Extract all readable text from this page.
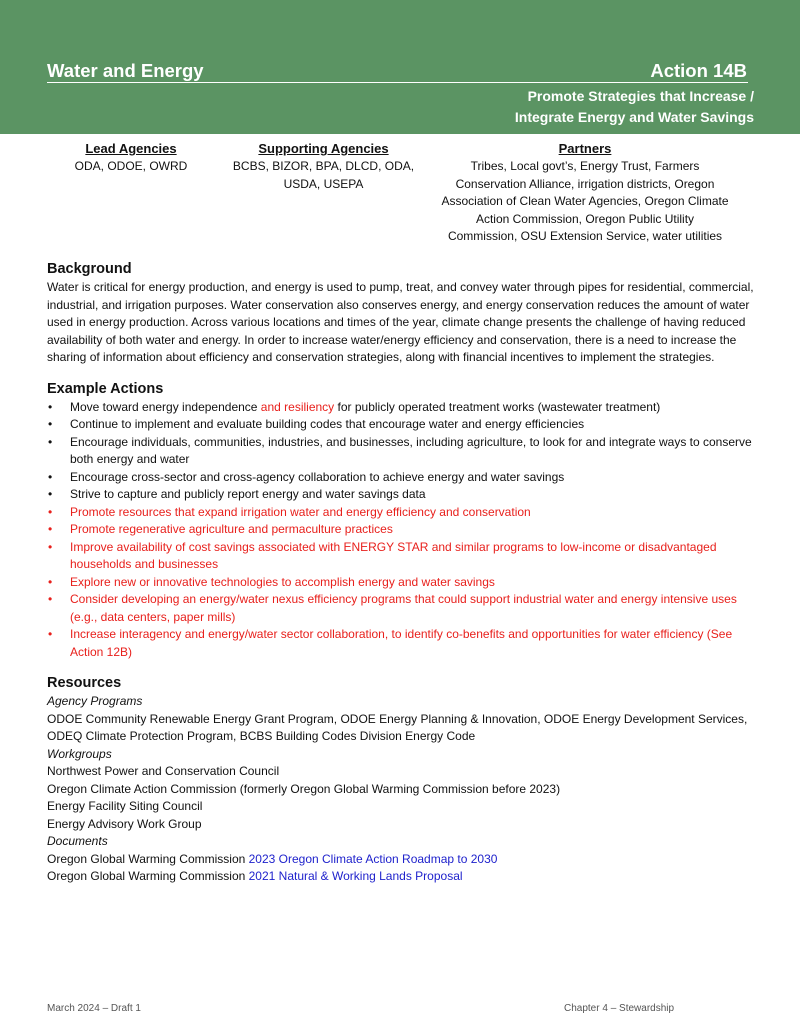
Water and Energy	Action 14B
Promote Strategies that Increase /
Integrate Energy and Water Savings
Lead Agencies
ODA, ODOE, OWRD
Supporting Agencies
BCBS, BIZOR, BPA, DLCD, ODA,
USDA, USEPA
Partners
Tribes, Local govt’s, Energy Trust, Farmers
Conservation Alliance, irrigation districts, Oregon
Association of Clean Water Agencies, Oregon Climate
Action Commission, Oregon Public Utility
Commission, OSU Extension Service, water utilities
Background

Water is critical for energy production, and energy is used to pump, treat, and convey water through pipes for residential, commercial, industrial, and irrigation purposes. Water conservation also conserves energy, and energy conservation reduces the amount of water used in energy production. Across various locations and times of the year, climate change presents the challenge of having reduced availability of both water and energy. In order to increase water/energy efficiency and conservation, there is a need to increase the sharing of information about efficiency and conservation strategies, along with financial incentives to implement the strategies.

Example Actions
• Move toward energy independence and resiliency for publicly operated treatment works (wastewater treatment)
• Continue to implement and evaluate building codes that encourage water and energy efficiencies
• Encourage individuals, communities, industries, and businesses, including agriculture, to look for and integrate ways to conserve both energy and water
• Encourage cross-sector and cross-agency collaboration to achieve energy and water savings
• Strive to capture and publicly report energy and water savings data
• Promote resources that expand irrigation water and energy efficiency and conservation
• Promote regenerative agriculture and permaculture practices
• Improve availability of cost savings associated with ENERGY STAR and similar programs to low-income or disadvantaged households and businesses
• Explore new or innovative technologies to accomplish energy and water savings
• Consider developing an energy/water nexus efficiency programs that could support industrial water and energy intensive uses (e.g., data centers, paper mills)
• Increase interagency and energy/water sector collaboration, to identify co-benefits and opportunities for water efficiency (See Action 12B)
Resources
Agency Programs
ODOE Community Renewable Energy Grant Program, ODOE Energy Planning & Innovation, ODOE Energy Development Services, ODEQ Climate Protection Program, BCBS Building Codes Division Energy Code
Workgroups
Northwest Power and Conservation Council
Oregon Climate Action Commission (formerly Oregon Global Warming Commission before 2023)
Energy Facility Siting Council
Energy Advisory Work Group
Documents
Oregon Global Warming Commission 2023 Oregon Climate Action Roadmap to 2030
Oregon Global Warming Commission 2021 Natural & Working Lands Proposal
March 2024 – Draft 1	Chapter 4 – Stewardship
